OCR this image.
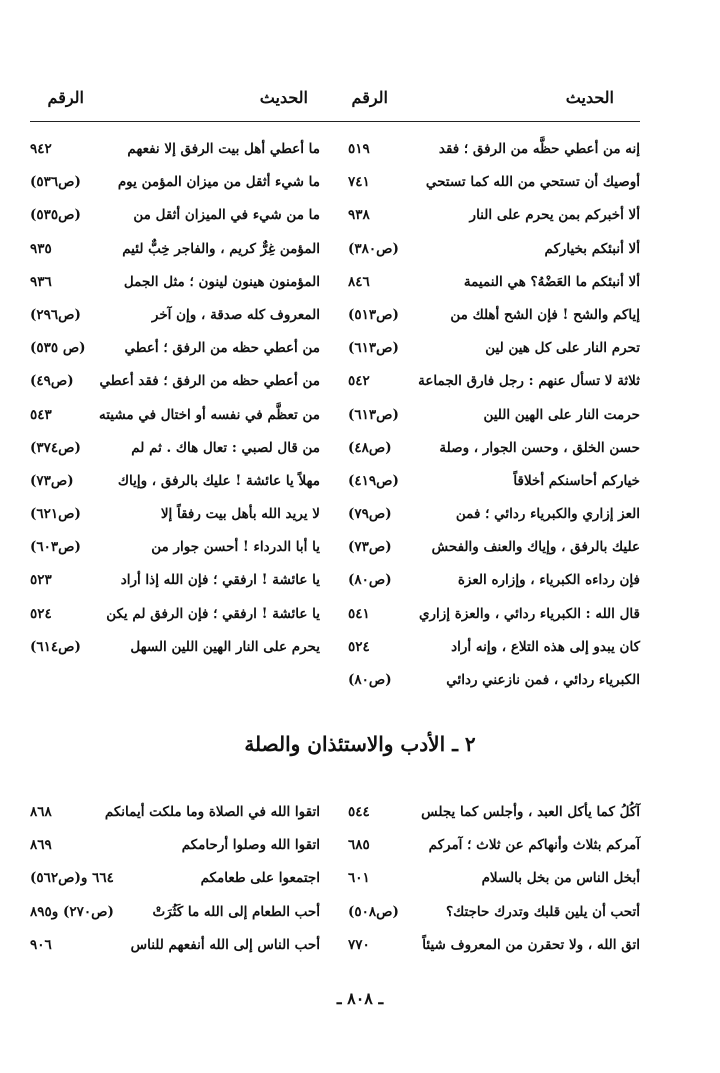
الحديث
الرقم
الحديث
الرقم
إنه من أعطي حظَّه من الرفق ؛ فقد
٥١٩
أوصيك أن تستحي من الله كما تستحي
٧٤١
ألا أخبركم بمن يحرم على النار
٩٣٨
ألا أنبئكم بخياركم
(ص٣٨٠)
ألا أنبئكم ما العَضْهُ؟ هي النميمة
٨٤٦
إياكم والشح ! فإن الشح أهلك من
(ص٥١٣)
تحرم النار على كل هين لين
(ص٦١٣)
ثلاثة لا تسأل عنهم : رجل فارق الجماعة
٥٤٢
حرمت النار على الهين اللين
(ص٦١٣)
حسن الخلق ، وحسن الجوار ، وصلة
(ص٤٨)
خياركم أحاسنكم أخلاقاً
(ص٤١٩)
العز إزاري والكبرياء ردائي ؛ فمن
(ص٧٩)
عليك بالرفق ، وإياك والعنف والفحش
(ص٧٣)
فإن رداءه الكبرياء ، وإزاره العزة
(ص٨٠)
قال الله : الكبرياء ردائي ، والعزة إزاري
٥٤١
كان يبدو إلى هذه التلاع ، وإنه أراد
٥٢٤
الكبرياء ردائي ، فمن نازعني ردائي
(ص٨٠)
ما أعطي أهل بيت الرفق إلا نفعهم
٩٤٢
ما شيء أثقل من ميزان المؤمن يوم
(ص٥٣٦)
ما من شيء في الميزان أثقل من
(ص٥٣٥)
المؤمن غِرٌّ كريم ، والفاجر خِبٌّ لئيم
٩٣٥
المؤمنون هينون لينون ؛ مثل الجمل
٩٣٦
المعروف كله صدقة ، وإن آخر
(ص٢٩٦)
من أعطي حظه من الرفق ؛ أعطي
(ص ٥٣٥)
من أعطي حظه من الرفق ؛ فقد أعطي
(ص٤٩)
من تعظَّم في نفسه أو اختال في مشيته
٥٤٣
من قال لصبي : تعال هاك . ثم لم
(ص٣٧٤)
مهلاً يا عائشة ! عليك بالرفق ، وإياك
(ص٧٣)
لا يريد الله بأهل بيت رفقاً إلا
(ص٦٢١)
يا أبا الدرداء ! أحسن جوار من
(ص٦٠٣)
يا عائشة ! ارفقي ؛ فإن الله إذا أراد
٥٢٣
يا عائشة ! ارفقي ؛ فإن الرفق لم يكن
٥٢٤
يحرم على النار الهين اللين السهل
(ص٦١٤)
٢ ـ الأدب والاستئذان والصلة
آكُلُ كما يأكل العبد ، وأجلس كما يجلس
٥٤٤
آمركم بثلاث وأنهاكم عن ثلاث ؛ آمركم
٦٨٥
أبخل الناس من بخل بالسلام
٦٠١
أتحب أن يلين قلبك وتدرك حاجتك؟
(ص٥٠٨)
اتق الله ، ولا تحقرن من المعروف شيئاً
٧٧٠
اتقوا الله في الصلاة وما ملكت أيمانكم
٨٦٨
اتقوا الله وصلوا أرحامكم
٨٦٩
اجتمعوا على طعامكم
٦٦٤ و(ص٥٦٢)
أحب الطعام إلى الله ما كَثُرَتْ
(ص٢٧٠) و٨٩٥
أحب الناس إلى الله أنفعهم للناس
٩٠٦
ـ ٨٠٨ ـ
